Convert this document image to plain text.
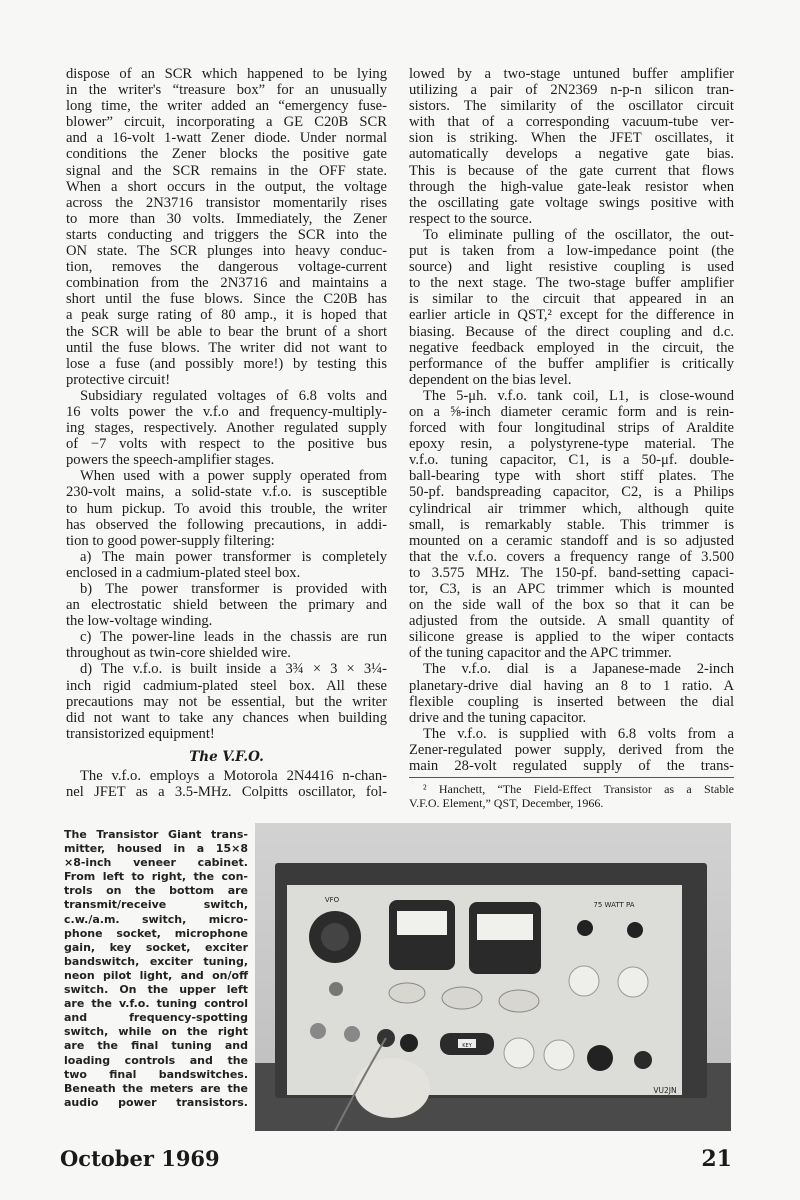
dispose of an SCR which happened to be lying
in the writer's “treasure box” for an unusually
long time, the writer added an “emergency fuse-
blower” circuit, incorporating a GE C20B SCR
and a 16-volt 1-watt Zener diode. Under normal
conditions the Zener blocks the positive gate
signal and the SCR remains in the OFF state.
When a short occurs in the output, the voltage
across the 2N3716 transistor momentarily rises
to more than 30 volts. Immediately, the Zener
starts conducting and triggers the SCR into the
ON state. The SCR plunges into heavy conduc-
tion, removes the dangerous voltage-current
combination from the 2N3716 and maintains a
short until the fuse blows. Since the C20B has
a peak surge rating of 80 amp., it is hoped that
the SCR will be able to bear the brunt of a short
until the fuse blows. The writer did not want to
lose a fuse (and possibly more!) by testing this
protective circuit!
Subsidiary regulated voltages of 6.8 volts and
16 volts power the v.f.o and frequency-multiply-
ing stages, respectively. Another regulated supply
of −7 volts with respect to the positive bus
powers the speech-amplifier stages.
When used with a power supply operated from
230-volt mains, a solid-state v.f.o. is susceptible
to hum pickup. To avoid this trouble, the writer
has observed the following precautions, in addi-
tion to good power-supply filtering:
a) The main power transformer is completely
enclosed in a cadmium-plated steel box.
b) The power transformer is provided with
an electrostatic shield between the primary and
the low-voltage winding.
c) The power-line leads in the chassis are run
throughout as twin-core shielded wire.
d) The v.f.o. is built inside a 3¾ × 3 × 3¼-
inch rigid cadmium-plated steel box. All these
precautions may not be essential, but the writer
did not want to take any chances when building
transistorized equipment!
The V.F.O.
The v.f.o. employs a Motorola 2N4416 n-chan-
nel JFET as a 3.5-MHz. Colpitts oscillator, fol-
lowed by a two-stage untuned buffer amplifier
utilizing a pair of 2N2369 n-p-n silicon tran-
sistors. The similarity of the oscillator circuit
with that of a corresponding vacuum-tube ver-
sion is striking. When the JFET oscillates, it
automatically develops a negative gate bias.
This is because of the gate current that flows
through the high-value gate-leak resistor when
the oscillating gate voltage swings positive with
respect to the source.
To eliminate pulling of the oscillator, the out-
put is taken from a low-impedance point (the
source) and light resistive coupling is used
to the next stage. The two-stage buffer amplifier
is similar to the circuit that appeared in an
earlier article in QST,² except for the difference in
biasing. Because of the direct coupling and d.c.
negative feedback employed in the circuit, the
performance of the buffer amplifier is critically
dependent on the bias level.
The 5-μh. v.f.o. tank coil, L1, is close-wound
on a ⅝-inch diameter ceramic form and is rein-
forced with four longitudinal strips of Araldite
epoxy resin, a polystyrene-type material. The
v.f.o. tuning capacitor, C1, is a 50-μf. double-
ball-bearing type with short stiff plates. The
50-pf. bandspreading capacitor, C2, is a Philips
cylindrical air trimmer which, although quite
small, is remarkably stable. This trimmer is
mounted on a ceramic standoff and is so adjusted
that the v.f.o. covers a frequency range of 3.500
to 3.575 MHz. The 150-pf. band-setting capaci-
tor, C3, is an APC trimmer which is mounted
on the side wall of the box so that it can be
adjusted from the outside. A small quantity of
silicone grease is applied to the wiper contacts
of the tuning capacitor and the APC trimmer.
The v.f.o. dial is a Japanese-made 2-inch
planetary-drive dial having an 8 to 1 ratio. A
flexible coupling is inserted between the dial
drive and the tuning capacitor.
The v.f.o. is supplied with 6.8 volts from a
Zener-regulated power supply, derived from the
main 28-volt regulated supply of the trans-
² Hanchett, “The Field-Effect Transistor as a Stable
V.F.O. Element,” QST, December, 1966.
The Transistor Giant trans-
mitter, housed in a 15×8
×8-inch veneer cabinet.
From left to right, the con-
trols on the bottom are
transmit/receive switch,
c.w./a.m. switch, micro-
phone socket, microphone
gain, key socket, exciter
bandswitch, exciter tuning,
neon pilot light, and on/off
switch. On the upper left
are the v.f.o. tuning control
and frequency-spotting
switch, while on the right
are the final tuning and
loading controls and the
two final bandswitches.
Beneath the meters are the
audio power transistors.
VFO
75 WATT PA
KEY
VU2JN
October 1969	21
